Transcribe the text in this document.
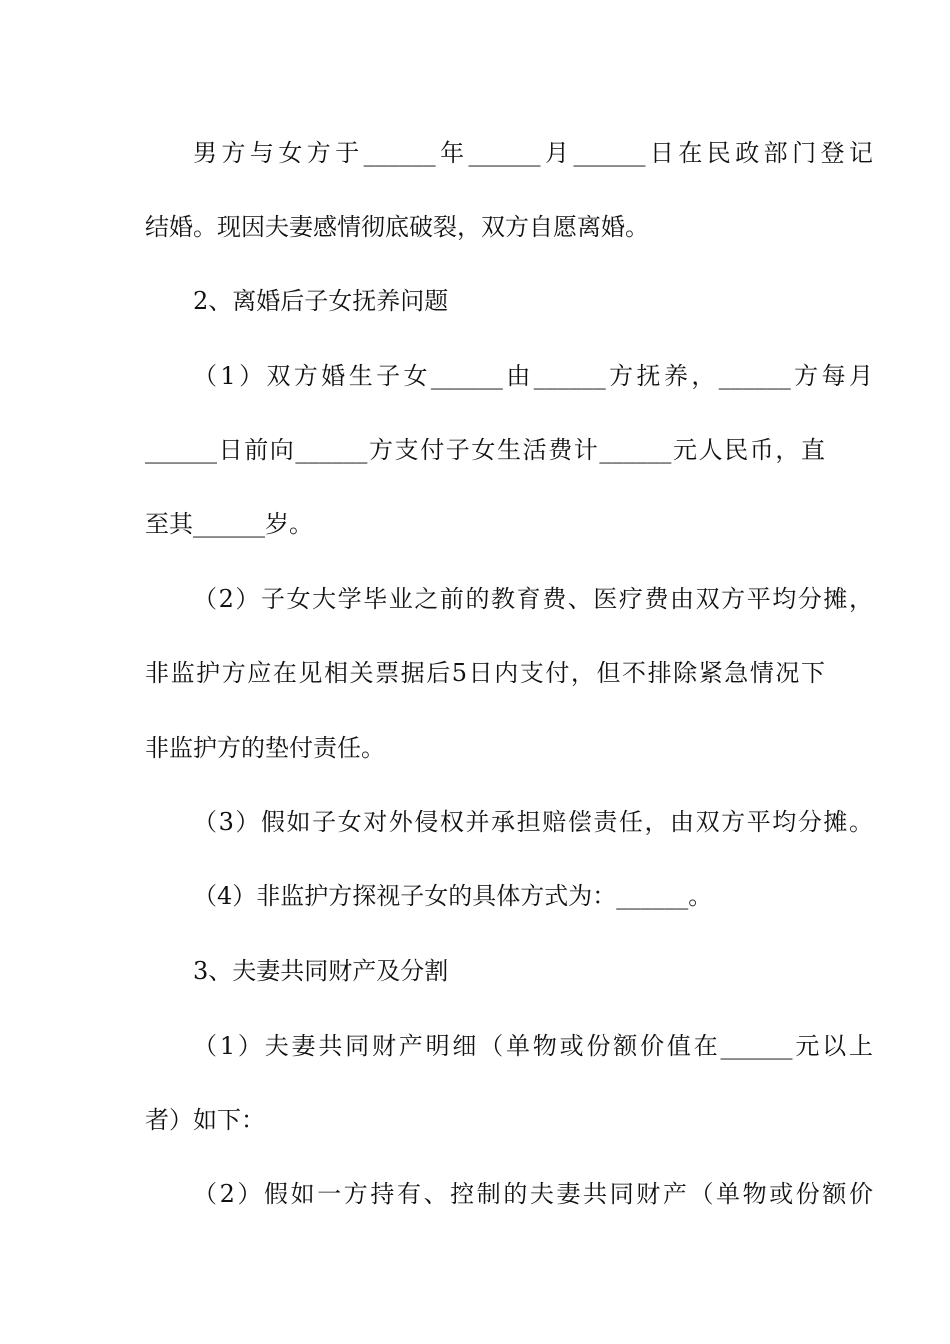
男方与女方于______年______月______日在民政部门登记
结婚。现因夫妻感情彻底破裂，双方自愿离婚。
2、离婚后子女抚养问题
（1）双方婚生子女______由______方抚养，______方每月
______日前向______方支付子女生活费计______元人民币，直
至其______岁。
（2）子女大学毕业之前的教育费、医疗费由双方平均分摊，
非监护方应在见相关票据后5日内支付，但不排除紧急情况下
非监护方的垫付责任。
（3）假如子女对外侵权并承担赔偿责任，由双方平均分摊。
（4）非监护方探视子女的具体方式为：______。
3、夫妻共同财产及分割
（1）夫妻共同财产明细（单物或份额价值在______元以上
者）如下：
（2）假如一方持有、控制的夫妻共同财产（单物或份额价
